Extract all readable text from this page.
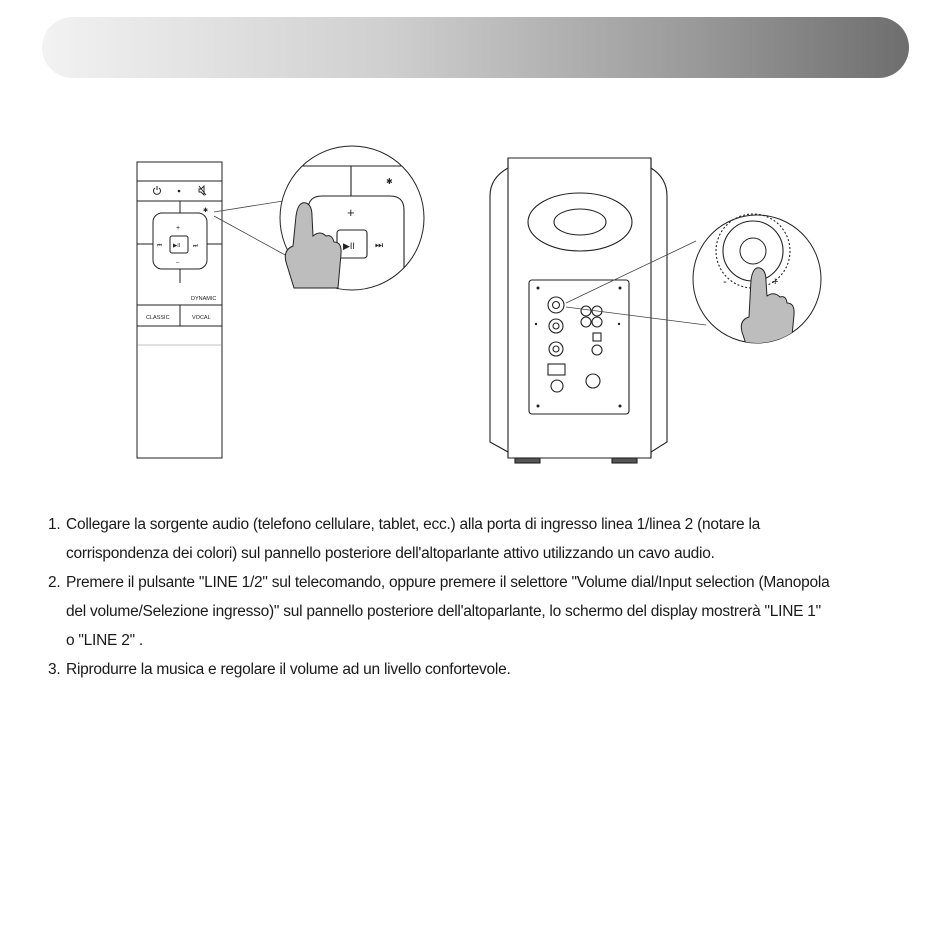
✱
+
–
⏮	⏭
▶II
DYNAMIC
CLASSIC	VOCAL
+
▶II ⏭
✱
-	+
1. Collegare la sorgente audio (telefono cellulare, tablet, ecc.) alla porta di ingresso linea 1/linea 2 (notare la
corrispondenza dei colori) sul pannello posteriore dell'altoparlante attivo utilizzando un cavo audio.
2. Premere il pulsante "LINE 1/2" sul telecomando, oppure premere il selettore "Volume dial/Input selection (Manopola
del volume/Selezione ingresso)" sul pannello posteriore dell'altoparlante, lo schermo del display mostrerà "LINE 1"
o "LINE 2" .
3. Riprodurre la musica e regolare il volume ad un livello confortevole.
